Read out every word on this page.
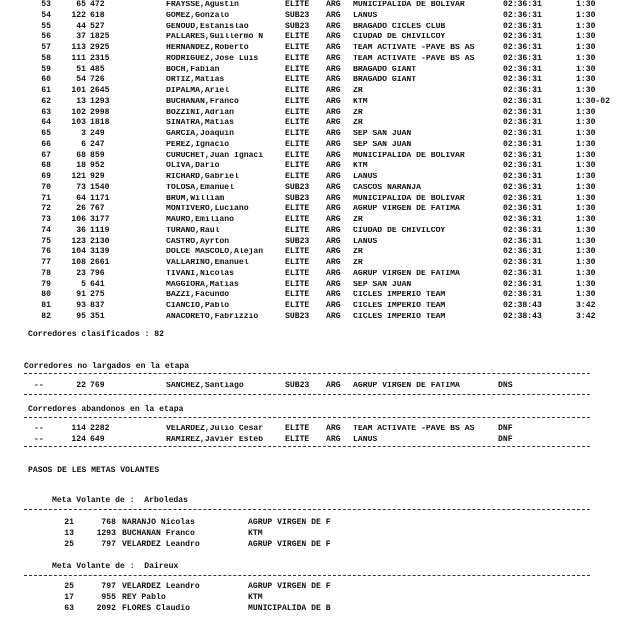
53	65 472	FRAYSSE,Agustin	ELITE	ARG	MUNICIPALIDA DE BOLIVAR	02:36:31	1:30
54	122 618	GOMEZ,Gonzalo	SUB23	ARG	LANUS	02:36:31	1:30
55	44 527	GENOUD,Estanislao	SUB23	ARG	BRAGADO CICLES CLUB	02:36:31	1:30
56	37 1825	PALLARES,Guillermo N	ELITE	ARG	CIUDAD DE CHIVILCOY	02:36:31	1:30
57	113 2925	HERNANDEZ,Roberto	ELITE	ARG	TEAM ACTIVATE -PAVE BS AS	02:36:31	1:30
58	111 2315	RODRIGUEZ,Jose Luis	ELITE	ARG	TEAM ACTIVATE -PAVE BS AS	02:36:31	1:30
59	51 485	BOCH,Fabian	ELITE	ARG	BRAGADO GIANT	02:36:31	1:30
60	54 726	ORTIZ,Matias	ELITE	ARG	BRAGADO GIANT	02:36:31	1:30
61	101 2645	DIPALMA,Ariel	ELITE	ARG	ZR	02:36:31	1:30
62	13 1293	BUCHANAN,Franco	ELITE	ARG	KTM	02:36:31	1:30-02
63	102 2998	BOZZINI,Adrian	ELITE	ARG	ZR	02:36:31	1:30
64	103 1818	SINATRA,Matias	ELITE	ARG	ZR	02:36:31	1:30
65	3 249	GARCIA,Joaquin	ELITE	ARG	SEP SAN JUAN	02:36:31	1:30
66	6 247	PEREZ,Ignacio	ELITE	ARG	SEP SAN JUAN	02:36:31	1:30
67	68 859	CURUCHET,Juan Ignaci	ELITE	ARG	MUNICIPALIDA DE BOLIVAR	02:36:31	1:30
68	18 952	OLIVA,Dario	ELITE	ARG	KTM	02:36:31	1:30
69	121 929	RICHARD,Gabriel	ELITE	ARG	LANUS	02:36:31	1:30
70	73 1540	TOLOSA,Emanuel	SUB23	ARG	CASCOS NARANJA	02:36:31	1:30
71	64 1171	BRUM,William	SUB23	ARG	MUNICIPALIDA DE BOLIVAR	02:36:31	1:30
72	26 767	MONTIVERO,Luciano	ELITE	ARG	AGRUP VIRGEN DE FATIMA	02:36:31	1:30
73	106 3177	MAURO,Emiliano	ELITE	ARG	ZR	02:36:31	1:30
74	36 1119	TURANO,Raul	ELITE	ARG	CIUDAD DE CHIVILCOY	02:36:31	1:30
75	123 2130	CASTRO,Ayrton	SUB23	ARG	LANUS	02:36:31	1:30
76	104 3139	DOLCE MASCOLO,Alejan	ELITE	ARG	ZR	02:36:31	1:30
77	108 2661	VALLARINO,Emanuel	ELITE	ARG	ZR	02:36:31	1:30
78	23 796	TIVANI,Nicolas	ELITE	ARG	AGRUP VIRGEN DE FATIMA	02:36:31	1:30
79	5 641	MAGGIORA,Matias	ELITE	ARG	SEP SAN JUAN	02:36:31	1:30
80	91 275	BAZZI,Facundo	ELITE	ARG	CICLES IMPERIO TEAM	02:36:31	1:30
81	93 837	CIANCIO,Pablo	ELITE	ARG	CICLES IMPERIO TEAM	02:38:43	3:42
82	95 351	ANACORETO,Fabrizzio	SUB23	ARG	CICLES IMPERIO TEAM	02:38:43	3:42
Corredores clasificados : 82
Corredores no largados en la etapa
--	22 769	SANCHEZ,Santiago	SUB23 ARG AGRUP VIRGEN DE FATIMA	DNS
Corredores abandonos en la etapa
--	114 2282	VELARDEZ,Julio Cesar	ELITE ARG TEAM ACTIVATE -PAVE BS AS	DNF
--	124 649	RAMIREZ,Javier Esteb	ELITE ARG LANUS	DNF
PASOS DE LES METAS VOLANTES
Meta Volante de :  Arboledas
21	768 NARANJO Nicolas	AGRUP VIRGEN DE F
13	1293 BUCHANAN Franco	KTM
25	797 VELARDEZ Leandro	AGRUP VIRGEN DE F
Meta Volante de :  Daireux
25	797 VELARDEZ Leandro	AGRUP VIRGEN DE F
17	955 REY Pablo	KTM
63	2092 FLORES Claudio	MUNICIPALIDA DE B
